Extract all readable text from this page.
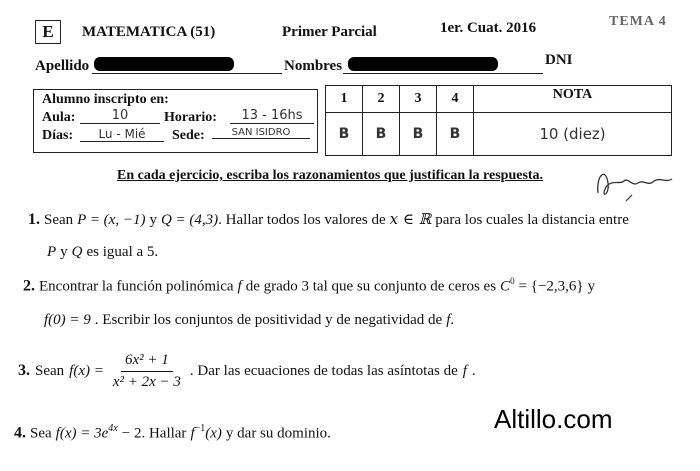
E	MATEMATICA (51)	Primer Parcial	1er. Cuat. 2016	TEMA 4
Apellido	Nombres	DNI
Alumno inscripto en:
Aula:	10	Horario:	13 - 16hs
Días:	Lu - Mié	Sede:	SAN ISIDRO
1	2	3	4	NOTA
B	B	B	B	10 (diez)
En cada ejercicio, escriba los razonamientos que justifican la respuesta.
1. Sean P = (x, −1) y Q = (4,3). Hallar todos los valores de x ∈ ℝ para los cuales la distancia entre
P y Q es igual a 5.
2. Encontrar la función polinómica f de grado 3 tal que su conjunto de ceros es $C^0 = \{-2,3,6\}$ y
f(0) = 9 . Escribir los conjuntos de positividad y de negatividad de f.
3. Sean $f(x) = \frac{\text{6x² + 1}}{\text{x² + 2x − 3}}$ . Dar las ecuaciones de todas las asíntotas de f .
4. Sea $f(x) = 3e^{4x} - 2$. Hallar $f^{-1}(x)$ y dar su dominio.	Altillo.com
